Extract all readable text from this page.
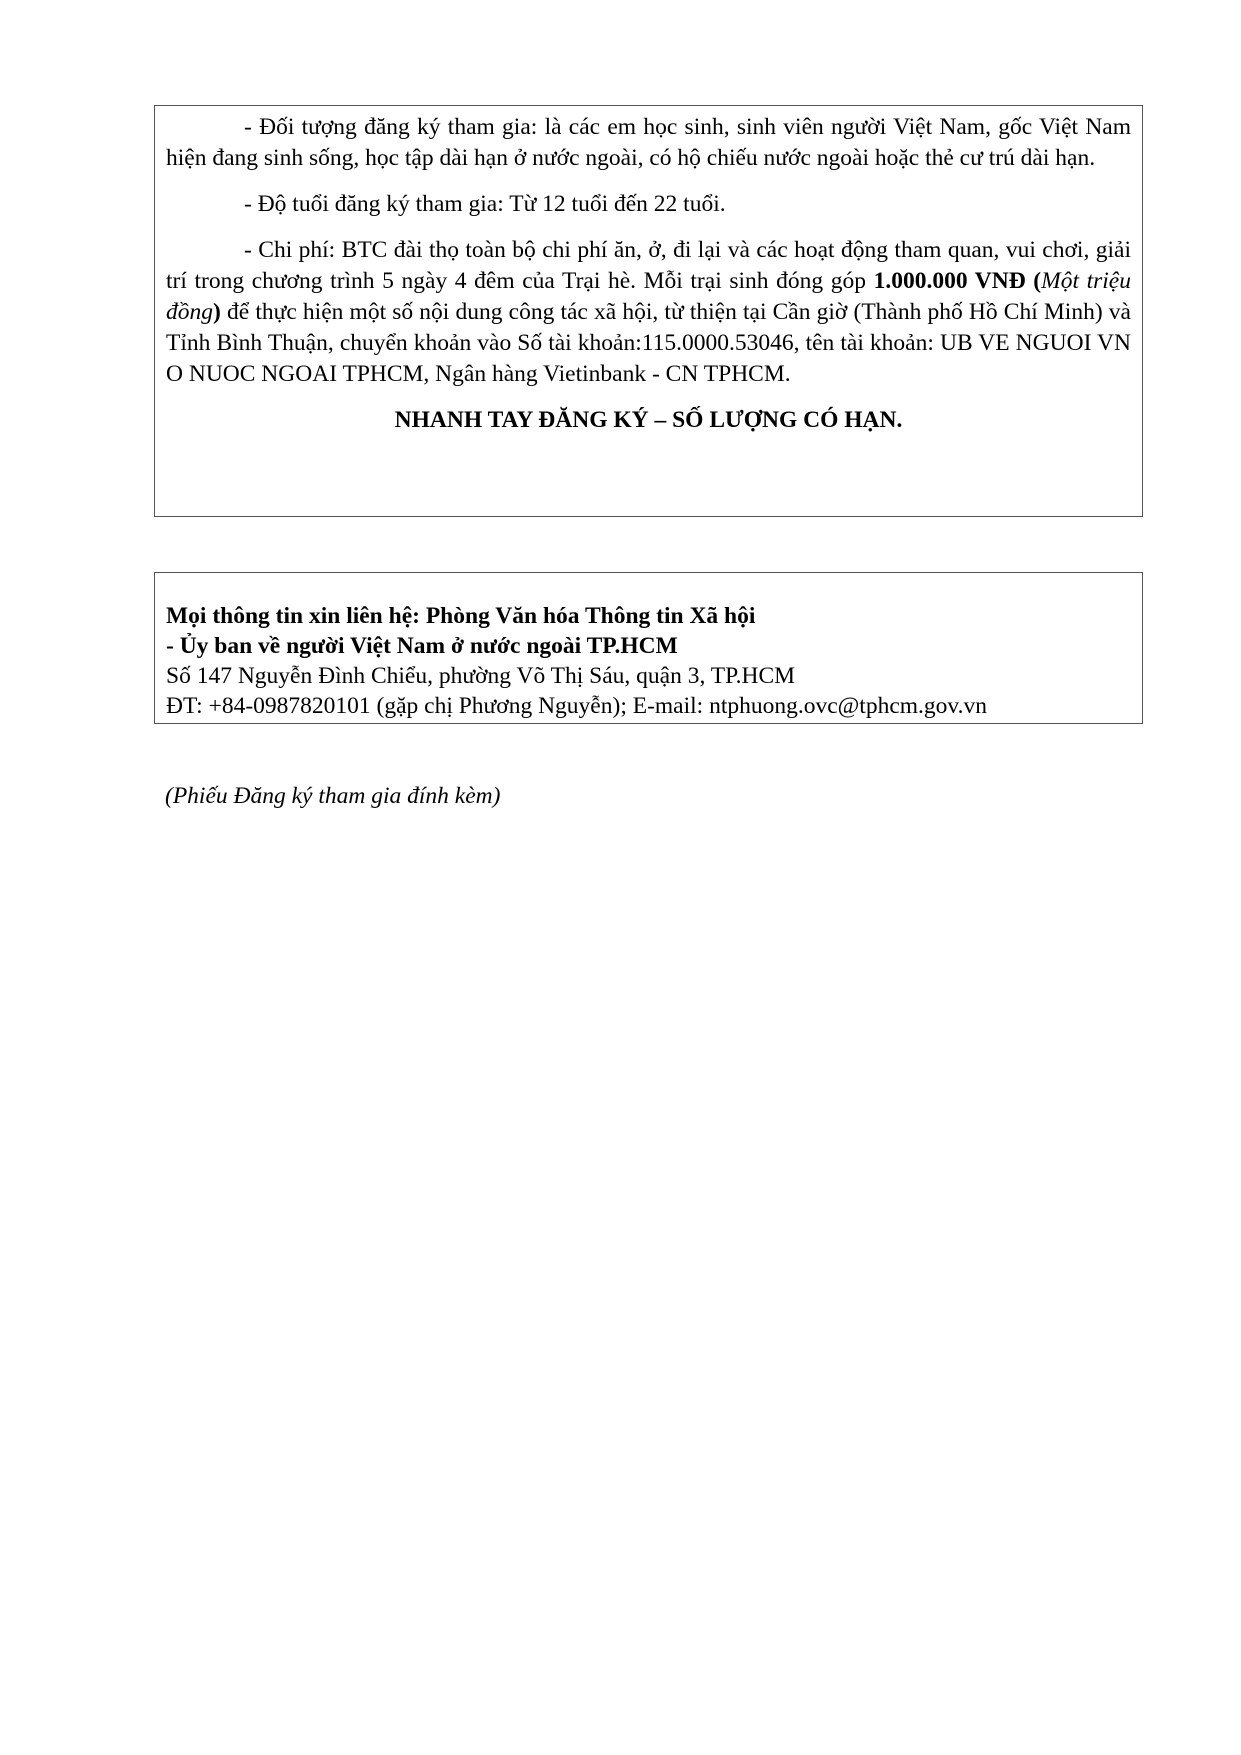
- Đối tượng đăng ký tham gia: là các em học sinh, sinh viên người Việt Nam, gốc Việt Nam hiện đang sinh sống, học tập dài hạn ở nước ngoài, có hộ chiếu nước ngoài hoặc thẻ cư trú dài hạn.

- Độ tuổi đăng ký tham gia: Từ 12 tuổi đến 22 tuổi.

- Chi phí: BTC đài thọ toàn bộ chi phí ăn, ở, đi lại và các hoạt động tham quan, vui chơi, giải trí trong chương trình 5 ngày 4 đêm của Trại hè. Mỗi trại sinh đóng góp 1.000.000 VNĐ (Một triệu đồng) để thực hiện một số nội dung công tác xã hội, từ thiện tại Cần giờ (Thành phố Hồ Chí Minh) và Tỉnh Bình Thuận, chuyển khoản vào Số tài khoản:115.0000.53046, tên tài khoản: UB VE NGUOI VN O NUOC NGOAI TPHCM, Ngân hàng Vietinbank - CN TPHCM.

NHANH TAY ĐĂNG KÝ – SỐ LƯỢNG CÓ HẠN.

Mọi thông tin xin liên hệ: Phòng Văn hóa Thông tin Xã hội

- Ủy ban về người Việt Nam ở nước ngoài TP.HCM

Số 147 Nguyễn Đình Chiểu, phường Võ Thị Sáu, quận 3, TP.HCM

ĐT: +84-0987820101 (gặp chị Phương Nguyễn); E-mail: ntphuong.ovc@tphcm.gov.vn

(Phiếu Đăng ký tham gia đính kèm)
